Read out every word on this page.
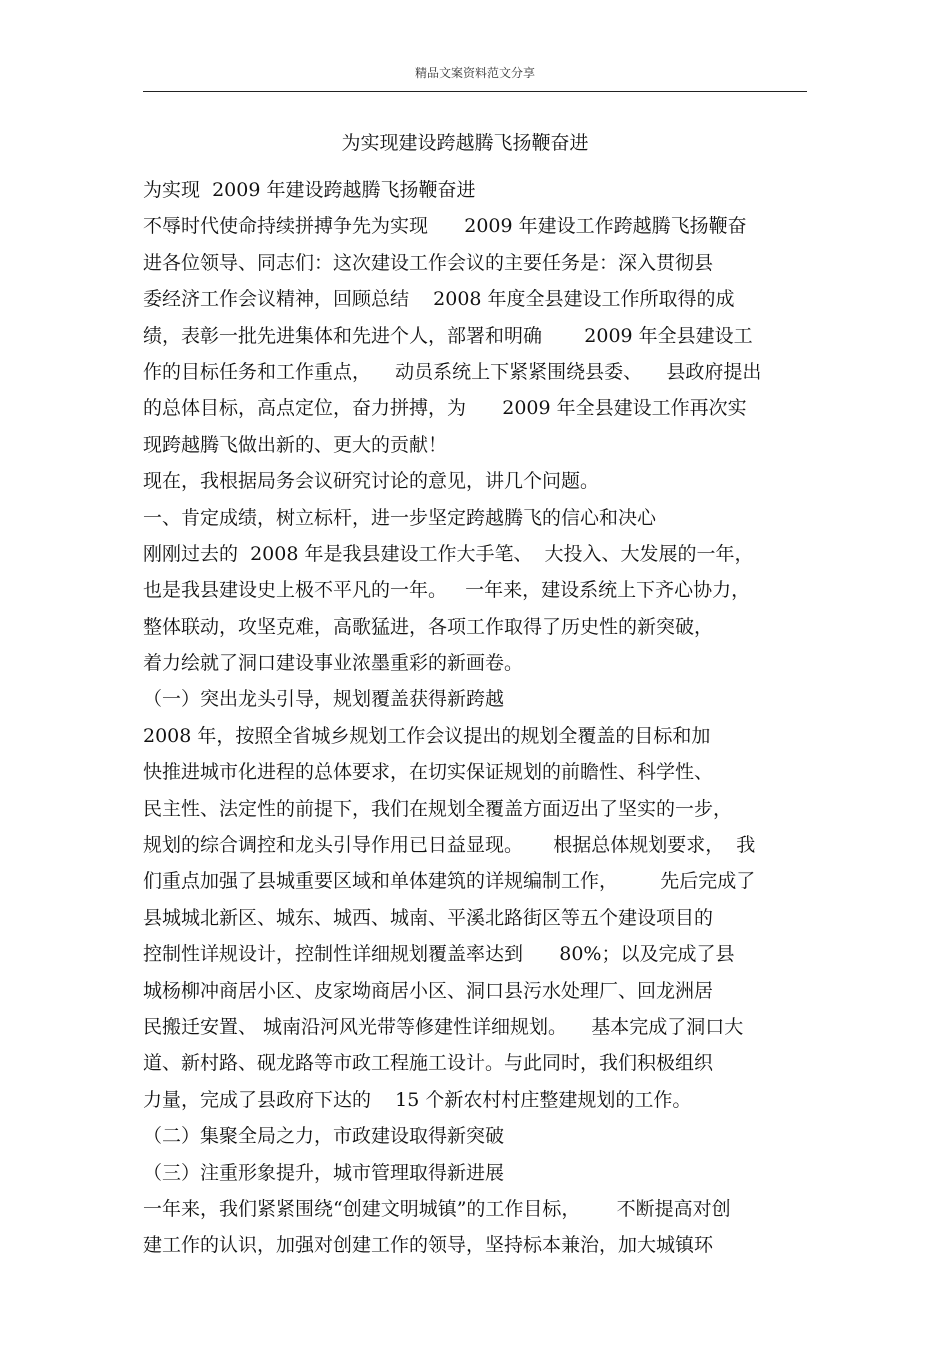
精品文案资料范文分享
为实现建设跨越腾飞扬鞭奋进
为实现  2009 年建设跨越腾飞扬鞭奋进
不辱时代使命持续拼搏争先为实现      2009 年建设工作跨越腾飞扬鞭奋
进各位领导、同志们：这次建设工作会议的主要任务是：深入贯彻县
委经济工作会议精神，回顾总结    2008 年度全县建设工作所取得的成
绩，表彰一批先进集体和先进个人，部署和明确       2009 年全县建设工
作的目标任务和工作重点，    动员系统上下紧紧围绕县委、    县政府提出
的总体目标，高点定位，奋力拼搏，为      2009 年全县建设工作再次实
现跨越腾飞做出新的、更大的贡献！
现在，我根据局务会议研究讨论的意见，讲几个问题。
一、肯定成绩，树立标杆，进一步坚定跨越腾飞的信心和决心
刚刚过去的  2008 年是我县建设工作大手笔、  大投入、大发展的一年，
也是我县建设史上极不平凡的一年。   一年来，建设系统上下齐心协力，
整体联动，攻坚克难，高歌猛进，各项工作取得了历史性的新突破，
着力绘就了洞口建设事业浓墨重彩的新画卷。
（一）突出龙头引导，规划覆盖获得新跨越
2008 年，按照全省城乡规划工作会议提出的规划全覆盖的目标和加
快推进城市化进程的总体要求，在切实保证规划的前瞻性、科学性、
民主性、法定性的前提下，我们在规划全覆盖方面迈出了坚实的一步，
规划的综合调控和龙头引导作用已日益显现。     根据总体规划要求，  我
们重点加强了县城重要区域和单体建筑的详规编制工作，       先后完成了
县城城北新区、城东、城西、城南、平溪北路街区等五个建设项目的
控制性详规设计，控制性详细规划覆盖率达到      80%；以及完成了县
城杨柳冲商居小区、皮家坳商居小区、洞口县污水处理厂、回龙洲居
民搬迁安置、 城南沿河风光带等修建性详细规划。    基本完成了洞口大
道、新村路、砚龙路等市政工程施工设计。与此同时，我们积极组织
力量，完成了县政府下达的    15 个新农村村庄整建规划的工作。
（二）集聚全局之力，市政建设取得新突破
（三）注重形象提升，城市管理取得新进展
一年来，我们紧紧围绕“创建文明城镇”的工作目标，      不断提高对创
建工作的认识，加强对创建工作的领导，坚持标本兼治，加大城镇环
